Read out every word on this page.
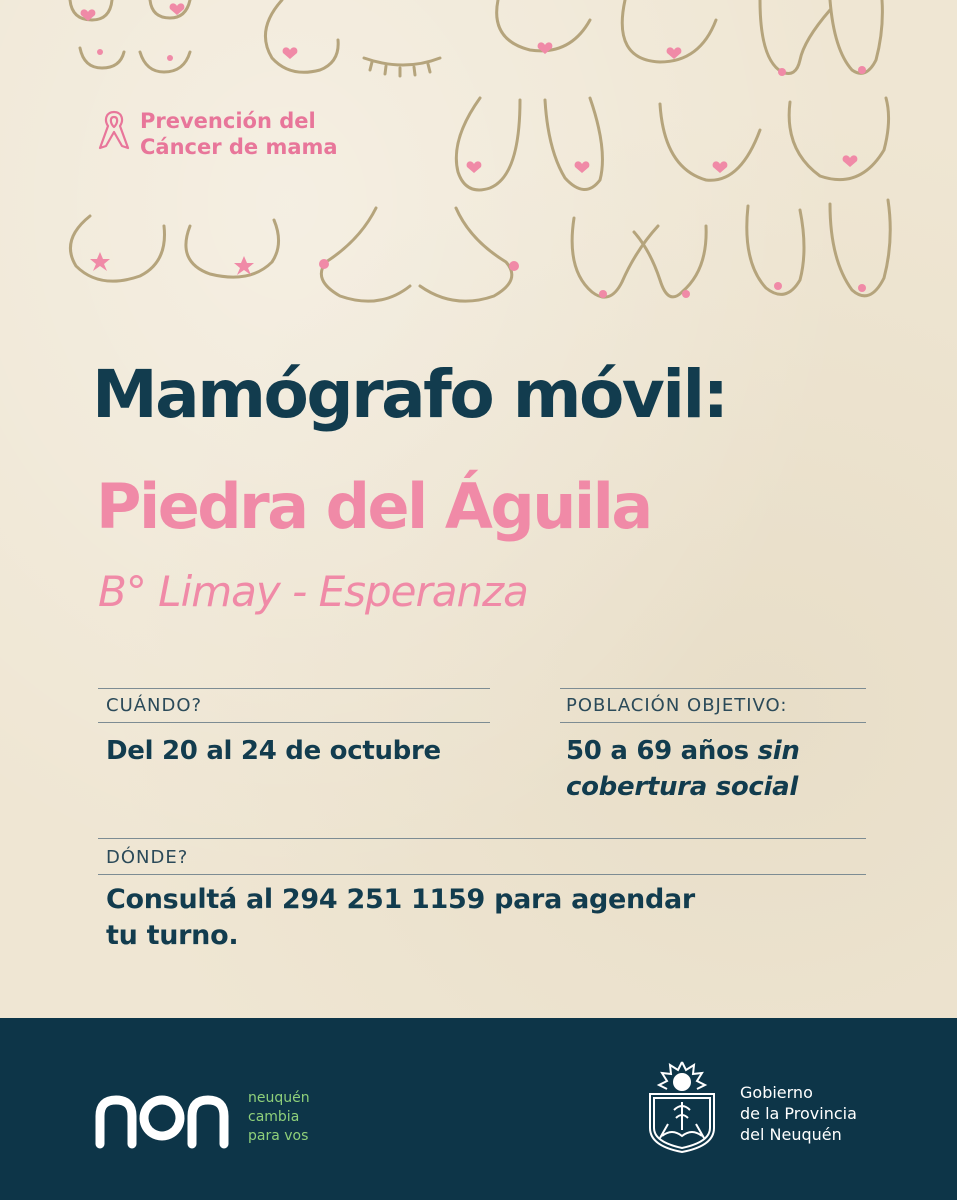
Prevención del
Cáncer de mama
Mamógrafo móvil:
Piedra del Águila
B° Limay - Esperanza
CUÁNDO?
Del 20 al 24 de octubre
POBLACIÓN OBJETIVO:
50 a 69 años sin
cobertura social
DÓNDE?
Consultá al 294 251 1159 para agendar
tu turno.
neuquén
cambia
para vos
Gobierno
de la Provincia
del Neuquén
